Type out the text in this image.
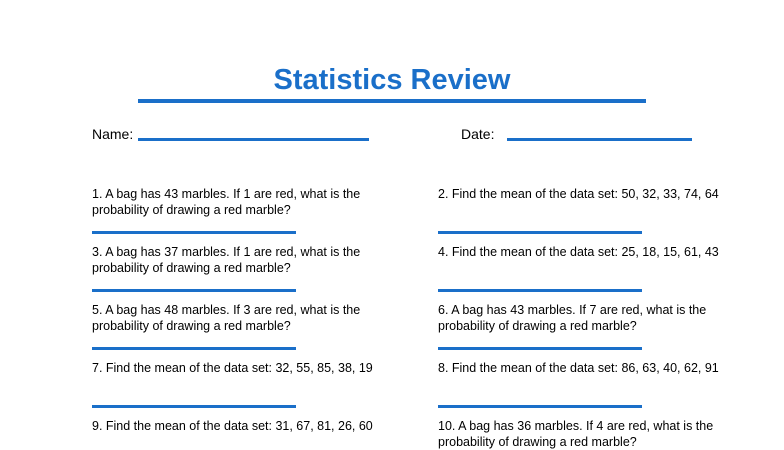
Statistics Review
Name:	Date:

1. A bag has 43 marbles. If 1 are red, what is the probability of drawing a red marble?

2. Find the mean of the data set: 50, 32, 33, 74, 64

3. A bag has 37 marbles. If 1 are red, what is the probability of drawing a red marble?

4. Find the mean of the data set: 25, 18, 15, 61, 43

5. A bag has 48 marbles. If 3 are red, what is the probability of drawing a red marble?

6. A bag has 43 marbles. If 7 are red, what is the probability of drawing a red marble?

7. Find the mean of the data set: 32, 55, 85, 38, 19	8. Find the mean of the data set: 86, 63, 40, 62, 91

9. Find the mean of the data set: 31, 67, 81, 26, 60	10. A bag has 36 marbles. If 4 are red, what is the probability of drawing a red marble?
